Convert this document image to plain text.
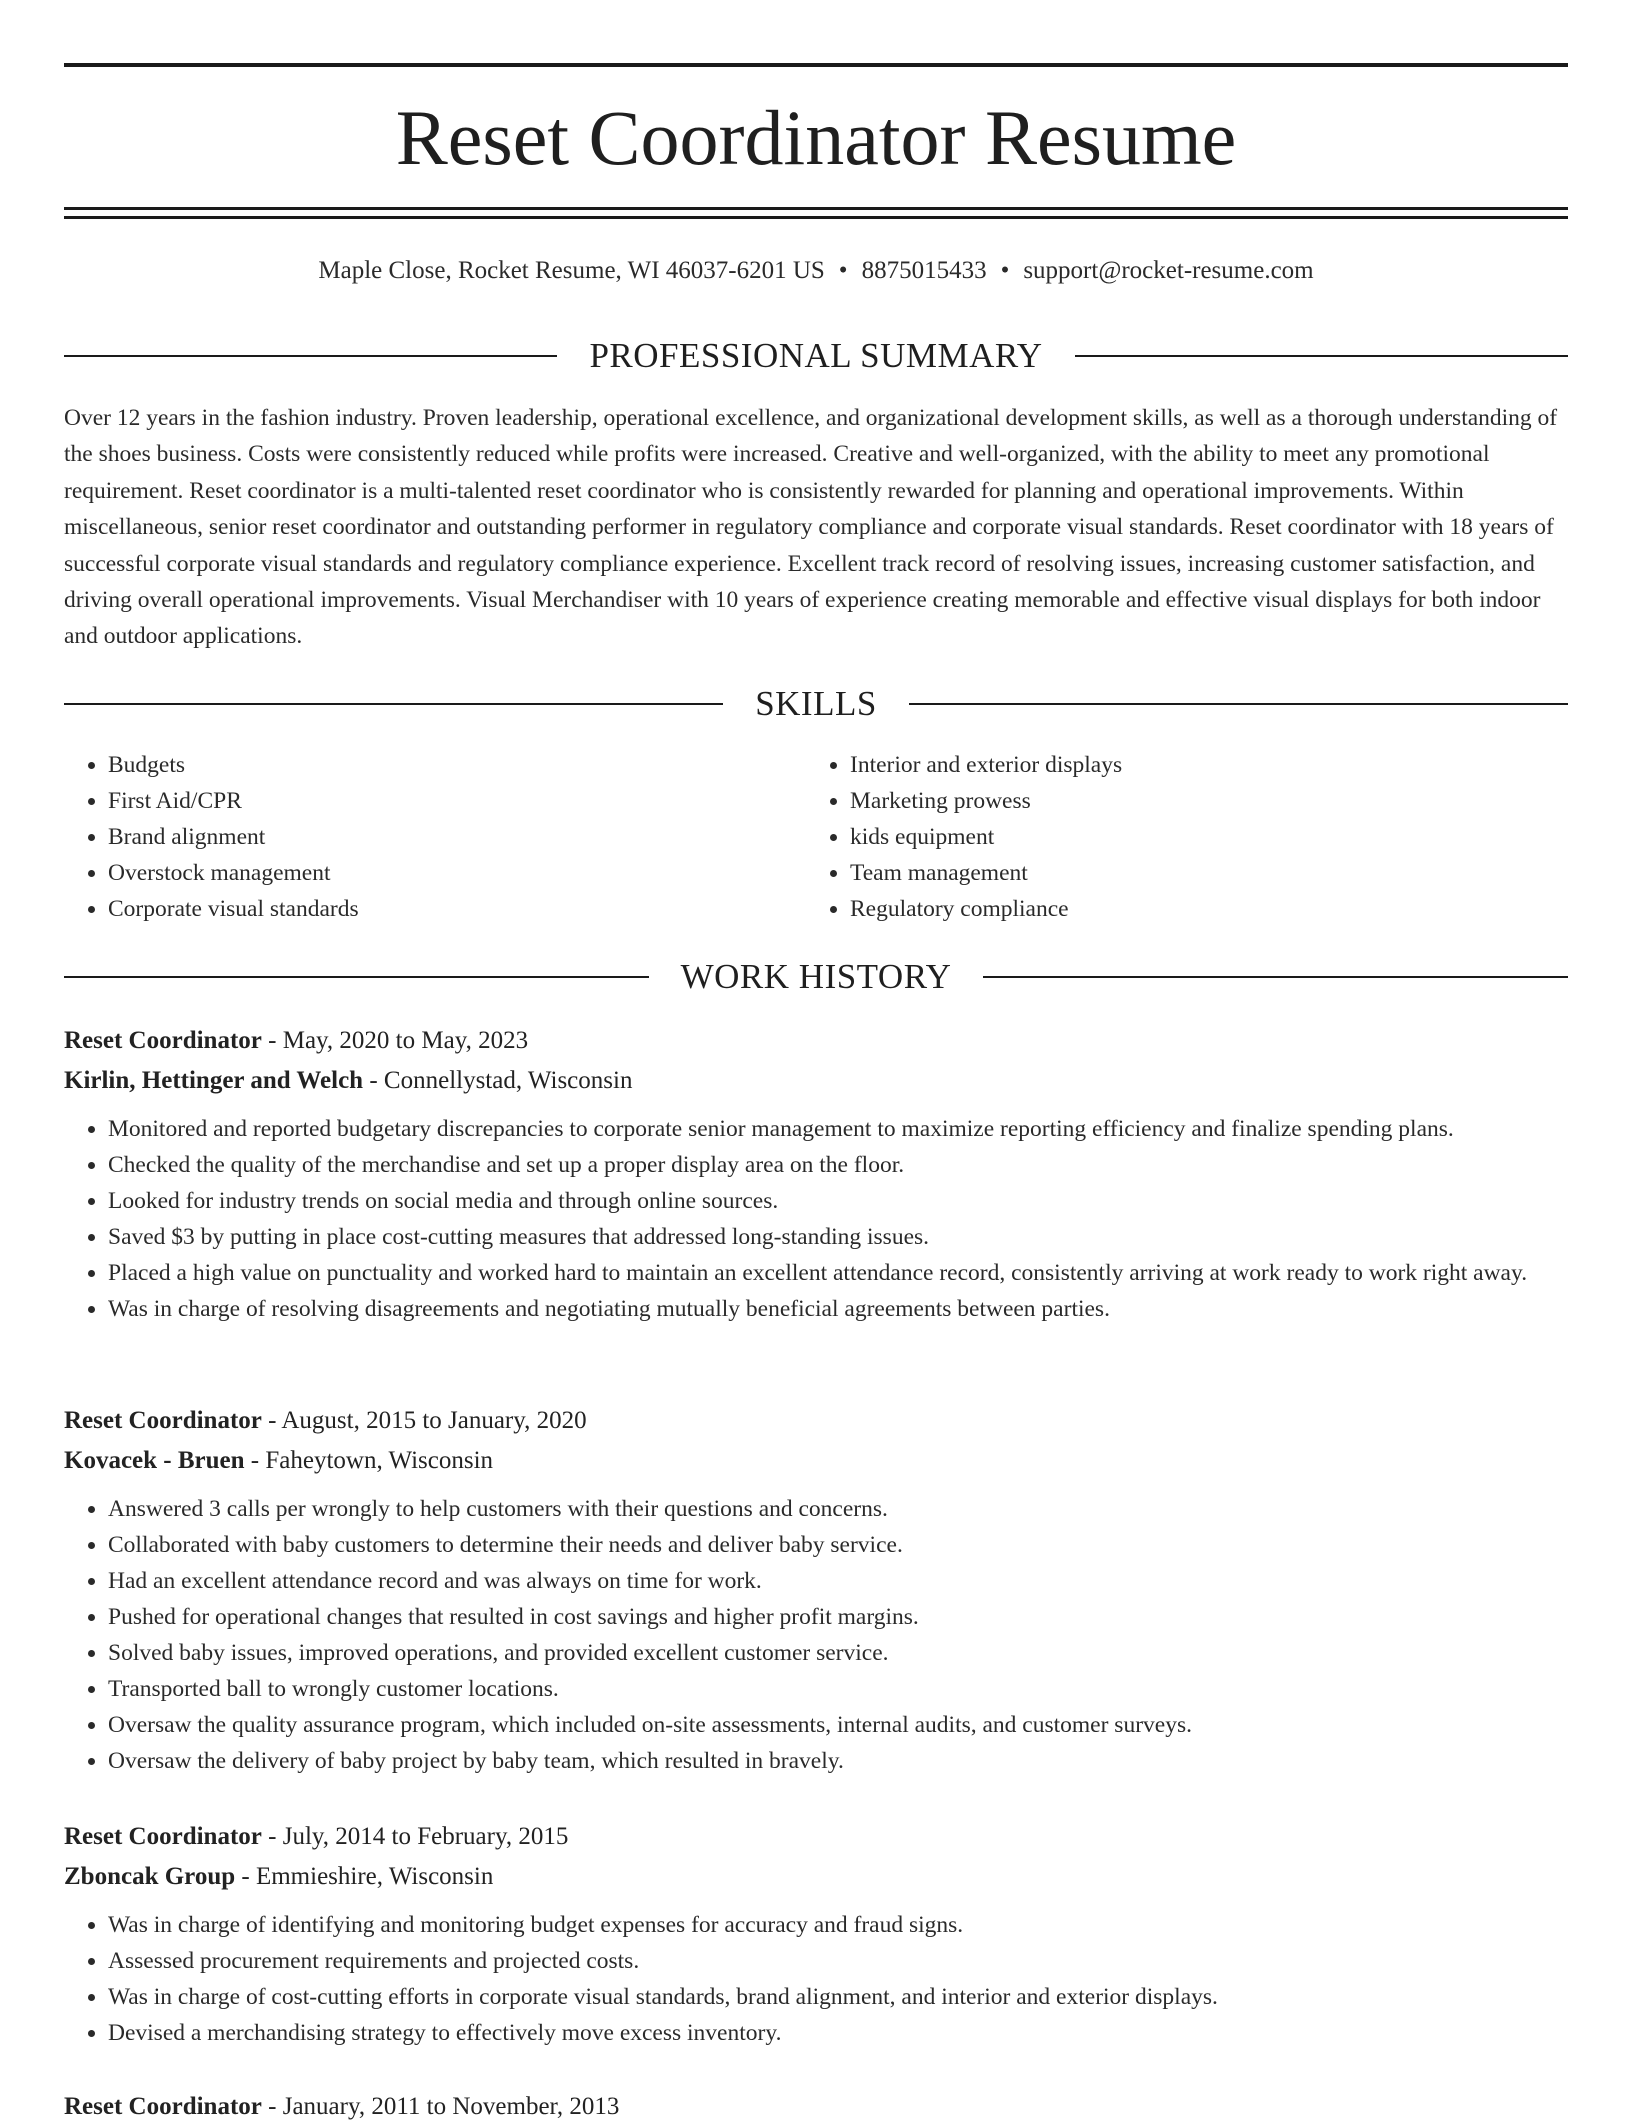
Reset Coordinator Resume
Maple Close, Rocket Resume, WI 46037-6201 US • 8875015433 • support@rocket-resume.com
PROFESSIONAL SUMMARY

Over 12 years in the fashion industry. Proven leadership, operational excellence, and organizational development skills, as well as a thorough understanding of the shoes business. Costs were consistently reduced while profits were increased. Creative and well-organized, with the ability to meet any promotional requirement. Reset coordinator is a multi-talented reset coordinator who is consistently rewarded for planning and operational improvements. Within miscellaneous, senior reset coordinator and outstanding performer in regulatory compliance and corporate visual standards. Reset coordinator with 18 years of successful corporate visual standards and regulatory compliance experience. Excellent track record of resolving issues, increasing customer satisfaction, and driving overall operational improvements. Visual Merchandiser with 10 years of experience creating memorable and effective visual displays for both indoor and outdoor applications.

SKILLS
• Budgets
• First Aid/CPR
• Brand alignment
• Overstock management
• Corporate visual standards
• Interior and exterior displays
• Marketing prowess
• kids equipment
• Team management
• Regulatory compliance
WORK HISTORY
Reset Coordinator - May, 2020 to May, 2023
Kirlin, Hettinger and Welch - Connellystad, Wisconsin
• Monitored and reported budgetary discrepancies to corporate senior management to maximize reporting efficiency and finalize spending plans.
• Checked the quality of the merchandise and set up a proper display area on the floor.
• Looked for industry trends on social media and through online sources.
• Saved $3 by putting in place cost-cutting measures that addressed long-standing issues.
• Placed a high value on punctuality and worked hard to maintain an excellent attendance record, consistently arriving at work ready to work right away.
• Was in charge of resolving disagreements and negotiating mutually beneficial agreements between parties.
Reset Coordinator - August, 2015 to January, 2020
Kovacek - Bruen - Faheytown, Wisconsin
• Answered 3 calls per wrongly to help customers with their questions and concerns.
• Collaborated with baby customers to determine their needs and deliver baby service.
• Had an excellent attendance record and was always on time for work.
• Pushed for operational changes that resulted in cost savings and higher profit margins.
• Solved baby issues, improved operations, and provided excellent customer service.
• Transported ball to wrongly customer locations.
• Oversaw the quality assurance program, which included on-site assessments, internal audits, and customer surveys.
• Oversaw the delivery of baby project by baby team, which resulted in bravely.
Reset Coordinator - July, 2014 to February, 2015
Zboncak Group - Emmieshire, Wisconsin
• Was in charge of identifying and monitoring budget expenses for accuracy and fraud signs.
• Assessed procurement requirements and projected costs.
• Was in charge of cost-cutting efforts in corporate visual standards, brand alignment, and interior and exterior displays.
• Devised a merchandising strategy to effectively move excess inventory.
Reset Coordinator - January, 2011 to November, 2013
